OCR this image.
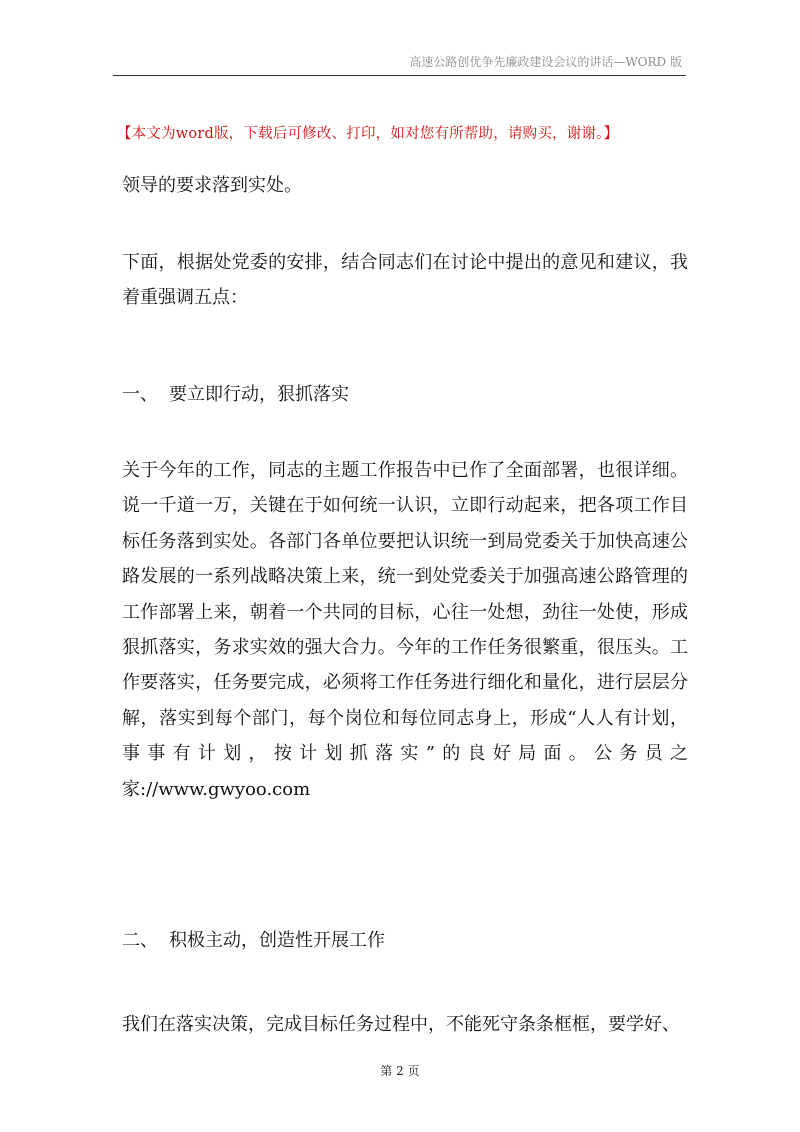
高速公路创优争先廉政建设会议的讲话—WORD 版
【本文为word版，下载后可修改、打印，如对您有所帮助，请购买，谢谢。】

领导的要求落到实处。

下面，根据处党委的安排，结合同志们在讨论中提出的意见和建议，我着重强调五点：

一、 要立即行动，狠抓落实

关于今年的工作，同志的主题工作报告中已作了全面部署，也很详细。说一千道一万，关键在于如何统一认识，立即行动起来，把各项工作目标任务落到实处。各部门各单位要把认识统一到局党委关于加快高速公路发展的一系列战略决策上来，统一到处党委关于加强高速公路管理的工作部署上来，朝着一个共同的目标，心往一处想，劲往一处使，形成狠抓落实，务求实效的强大合力。今年的工作任务很繁重，很压头。工作要落实，任务要完成，必须将工作任务进行细化和量化，进行层层分解，落实到每个部门，每个岗位和每位同志身上，形成“人人有计划，事事有计划，按计划抓落实”的良好局面。公务员之家://www.gwyoo.com

二、 积极主动，创造性开展工作

我们在落实决策，完成目标任务过程中，不能死守条条框框，要学好、

第 2 页
